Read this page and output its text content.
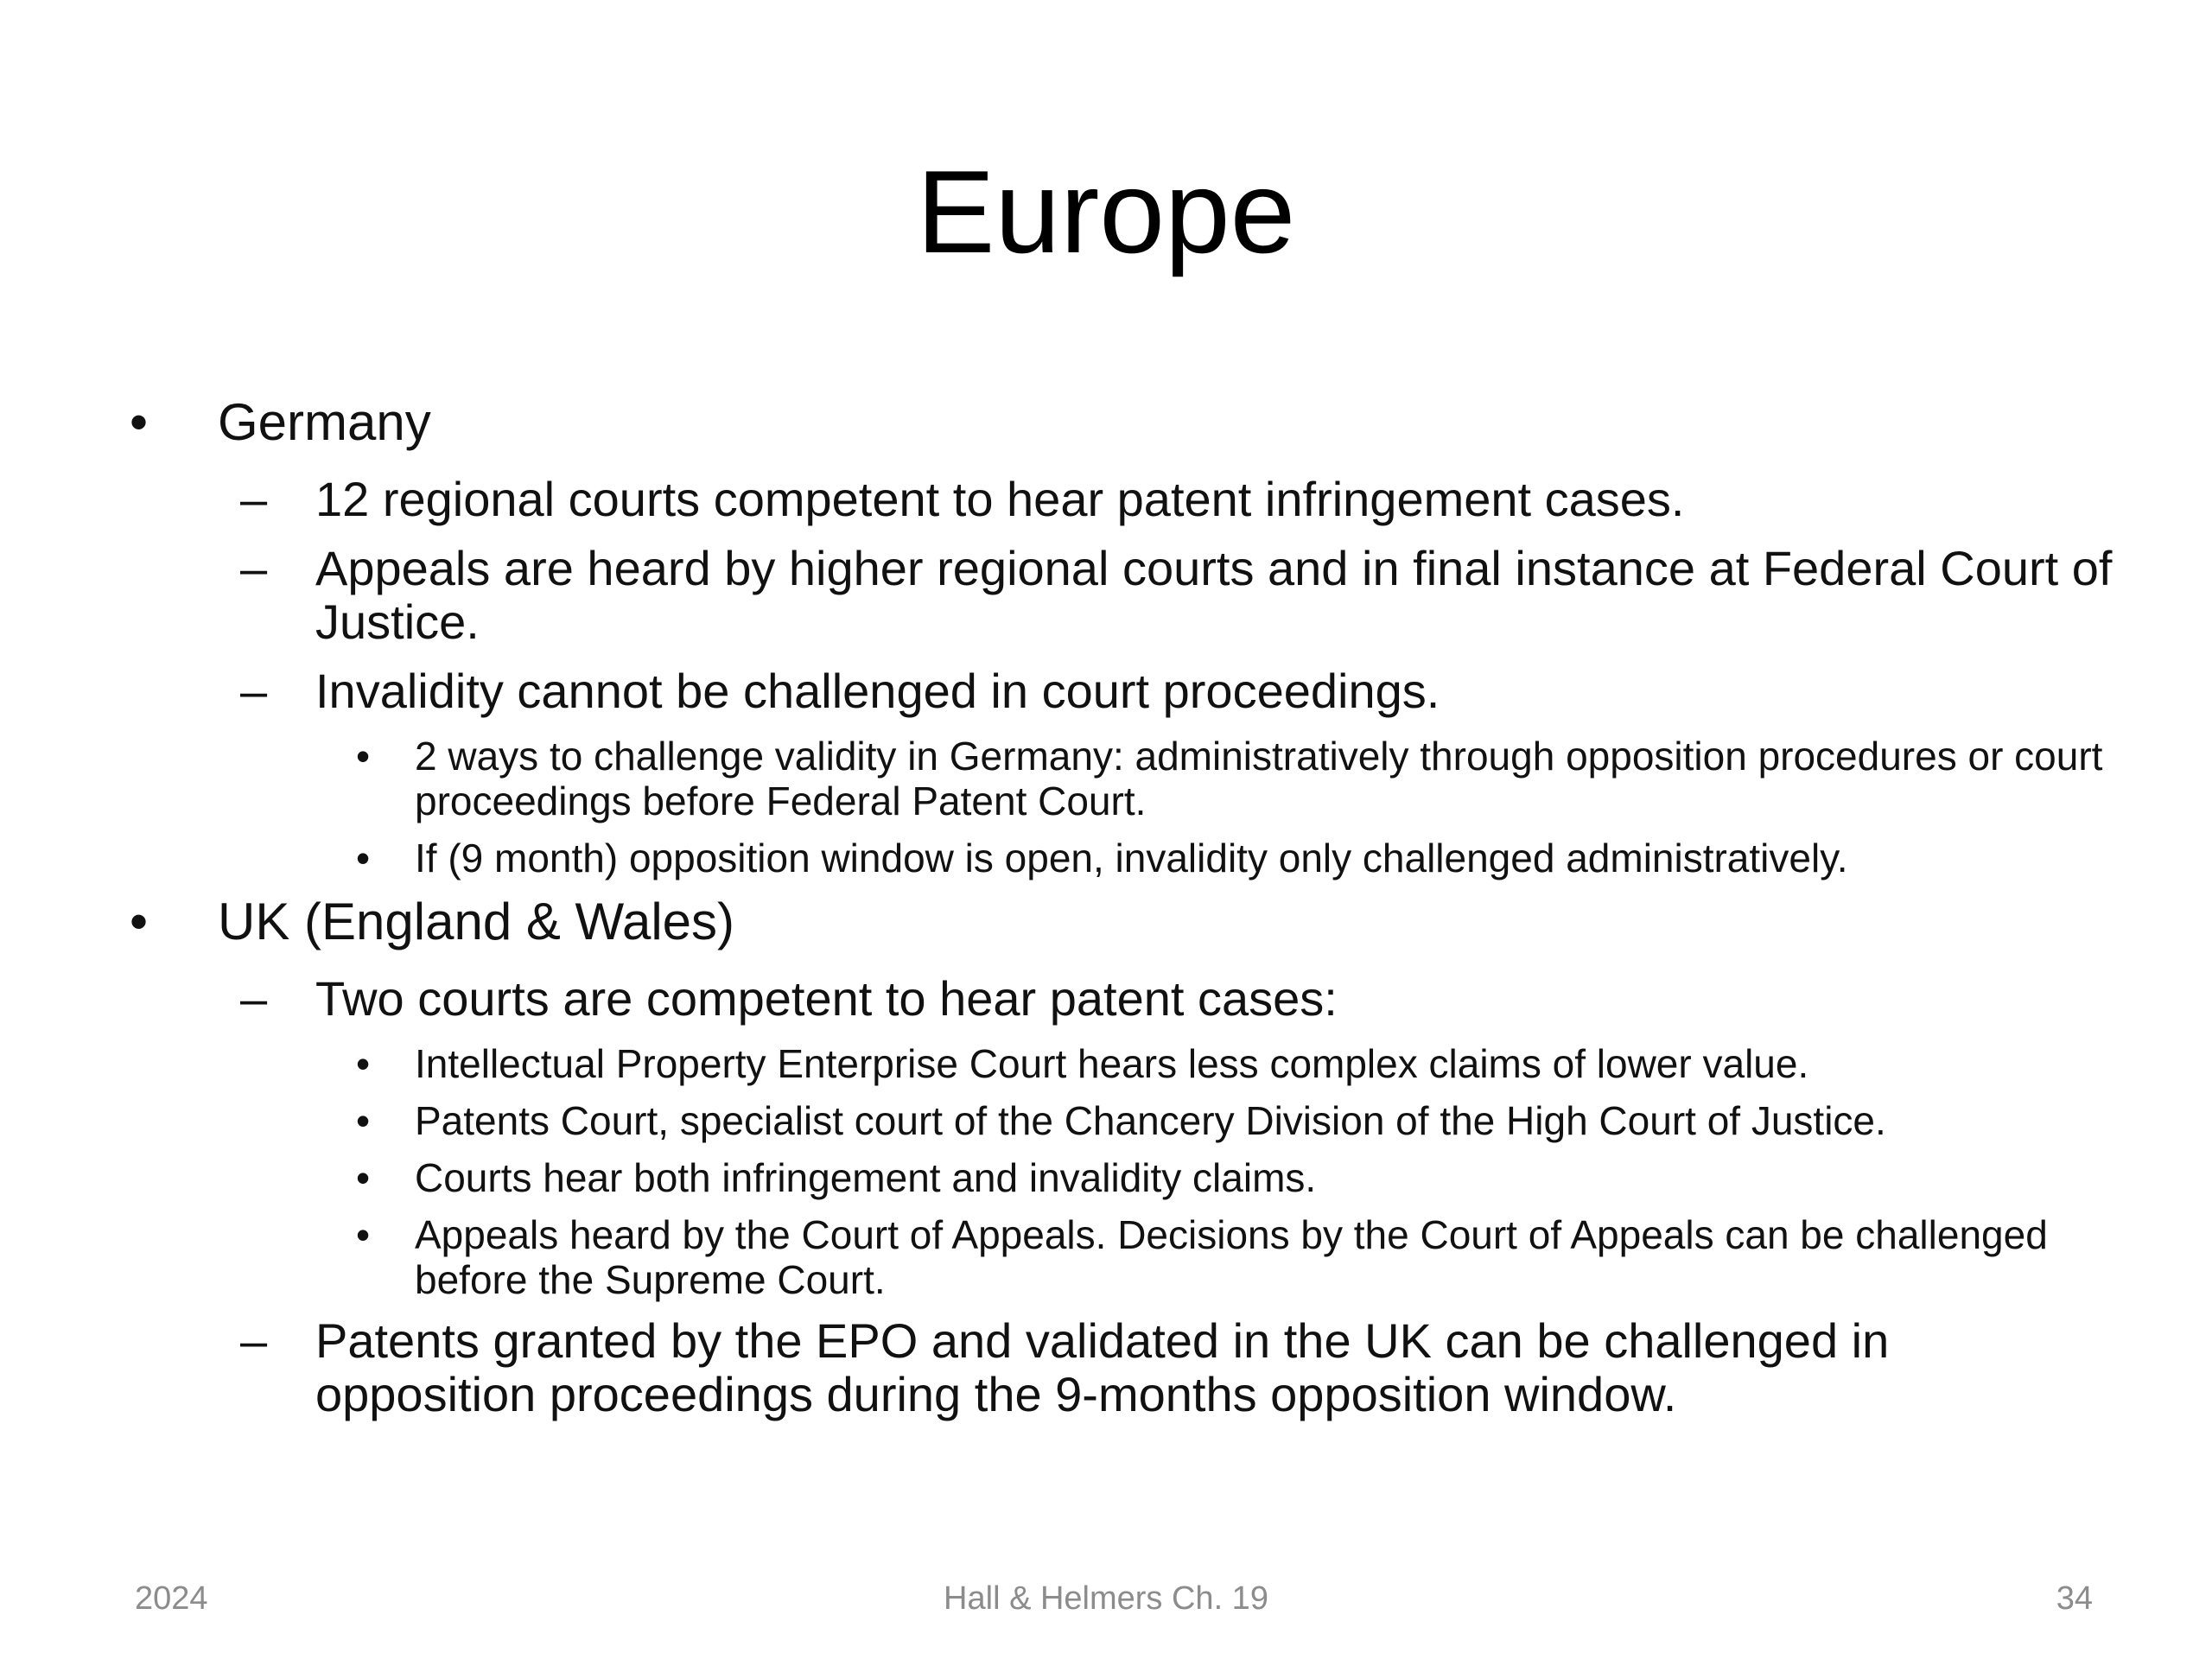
Europe
• Germany
– 12 regional courts competent to hear patent infringement cases.
– Appeals are heard by higher regional courts and in final instance at Federal Court of Justice.
– Invalidity cannot be challenged in court proceedings.
• 2 ways to challenge validity in Germany: administratively through opposition procedures or court proceedings before Federal Patent Court.
• If (9 month) opposition window is open, invalidity only challenged administratively.
• UK (England & Wales)
– Two courts are competent to hear patent cases:
• Intellectual Property Enterprise Court hears less complex claims of lower value.
• Patents Court, specialist court of the Chancery Division of the High Court of Justice.
• Courts hear both infringement and invalidity claims.
• Appeals heard by the Court of Appeals. Decisions by the Court of Appeals can be challenged before the Supreme Court.
– Patents granted by the EPO and validated in the UK can be challenged in opposition proceedings during the 9-months opposition window.
2024	Hall & Helmers Ch. 19	34
